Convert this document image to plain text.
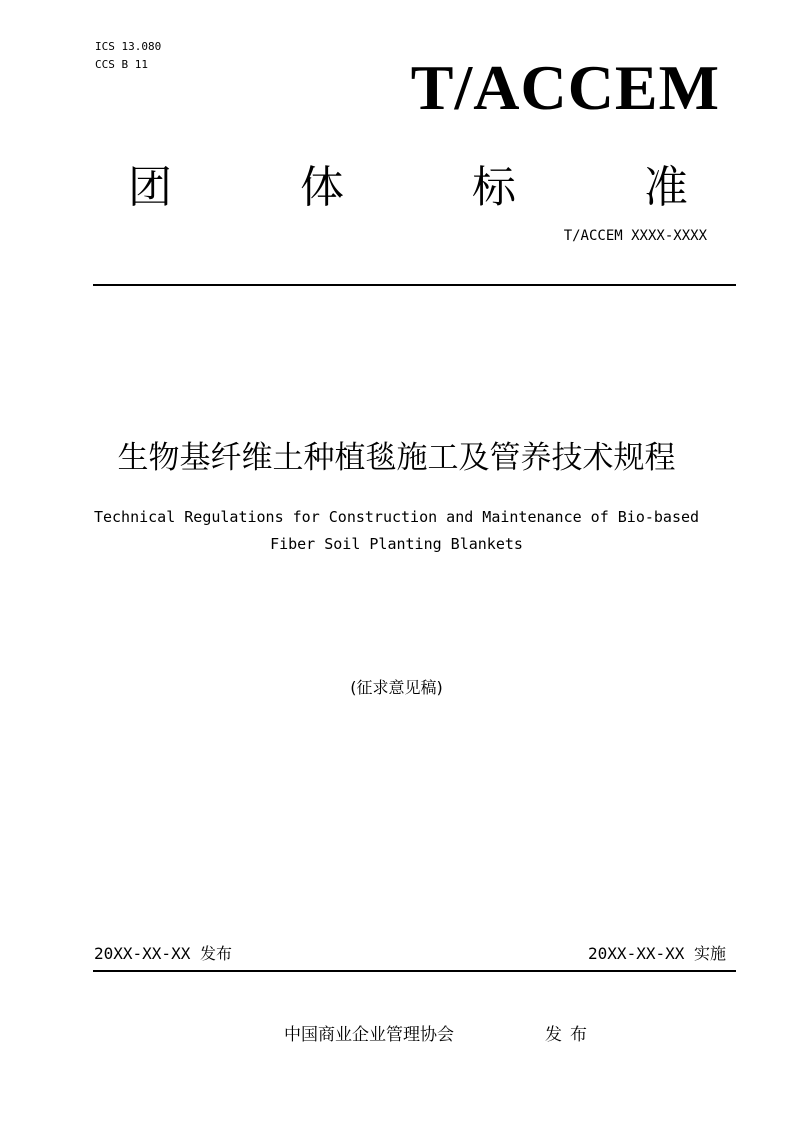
ICS 13.080
CCS B 11	T/ACCEM
团	体	标	准
T/ACCEM XXXX-XXXX
生物基纤维土种植毯施工及管养技术规程
Technical Regulations for Construction and Maintenance of Bio-based
Fiber Soil Planting Blankets
(征求意见稿)
20XX-XX-XX 发布	20XX-XX-XX 实施
中国商业企业管理协会	发布
